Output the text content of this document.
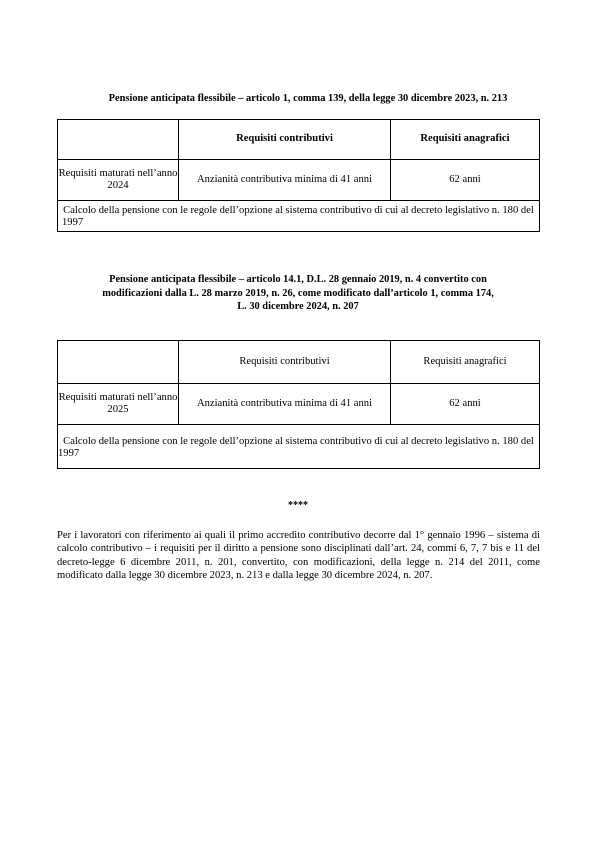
Pensione anticipata flessibile – articolo 1, comma 139, della legge 30 dicembre 2023, n. 213
	Requisiti contributivi	Requisiti anagrafici
Requisiti maturati nell’anno 2024	Anzianità contributiva minima di 41 anni	62 anni
Calcolo della pensione con le regole dell’opzione al sistema contributivo di cui al decreto legislativo n. 180 del 1997		
Pensione anticipata flessibile – articolo 14.1, D.L. 28 gennaio 2019, n. 4 convertito con
modificazioni dalla L. 28 marzo 2019, n. 26, come modificato dall’articolo 1, comma 174,
L. 30 dicembre 2024, n. 207
	Requisiti contributivi	Requisiti anagrafici
Requisiti maturati nell’anno 2025	Anzianità contributiva minima di 41 anni	62 anni
Calcolo della pensione con le regole dell’opzione al sistema contributivo di cui al decreto legislativo n. 180 del 1997		
****
Per i lavoratori con riferimento ai quali il primo accredito contributivo decorre dal 1° gennaio 1996 – sistema di calcolo contributivo – i requisiti per il diritto a pensione sono disciplinati dall’art. 24, commi 6, 7, 7 bis e 11 del decreto-legge 6 dicembre 2011, n. 201, convertito, con modificazioni, della legge n. 214 del 2011, come modificato dalla legge 30 dicembre 2023, n. 213 e dalla legge 30 dicembre 2024, n. 207.
